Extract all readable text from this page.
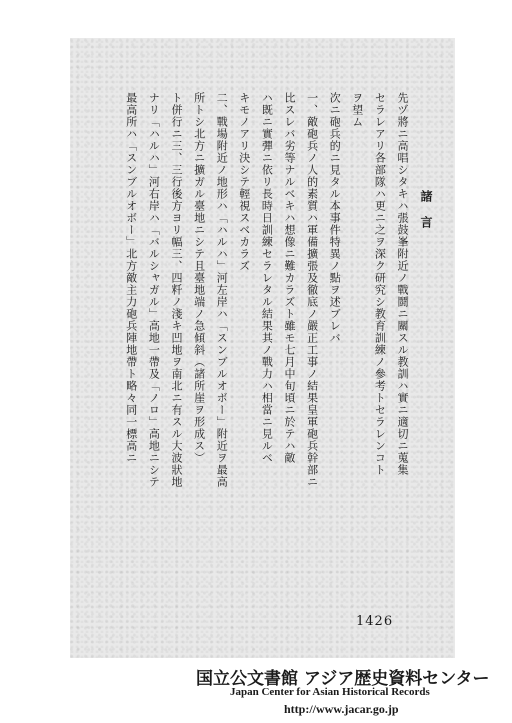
諸言
先ヅ將ニ高唱シタキハ張鼓峯附近ノ戰鬪ニ關スル教訓ハ實ニ適切ニ蒐集
セラレアリ各部隊ハ更ニ之ヲ深ク研究シ教育訓練ノ參考トセラレンコト
ヲ望ム
次ニ砲兵的ニ見タル本事件特異ノ點ヲ述ブレバ
一、敵砲兵ノ人的素質ハ軍備擴張及徹底ノ嚴正工事ノ結果皇軍砲兵幹部ニ
比スレバ劣等ナルベキハ想像ニ難カラズト雖モ七月中旬頃ニ於テハ敵
ハ既ニ實彈ニ依リ長時日訓練セラレタル結果其ノ戰力ハ相當ニ見ルベ
キモノアリ決シテ輕視スベカラズ
二、戰場附近ノ地形ハ「ハルハ」河左岸ハ「スンブルオボー」附近ヲ最高
所トシ北方ニ擴ガル臺地ニシテ且臺地端ノ急傾斜（諸所崖ヲ形成ス）
ト併行ニ三、三行後方ヨリ幅三、四粁ノ淺キ凹地ヲ南北ニ有スル大波狀地
ナリ「ハルハ」河右岸ハ「バルシャガル」高地一帶及「ノロ」高地ニシテ
最高所ハ「スンブルオボー」北方敵主力砲兵陣地帶ト略々同一標高ニ
1426
国立公文書館 アジア歴史資料センター
Japan Center for Asian Historical Records
http://www.jacar.go.jp
